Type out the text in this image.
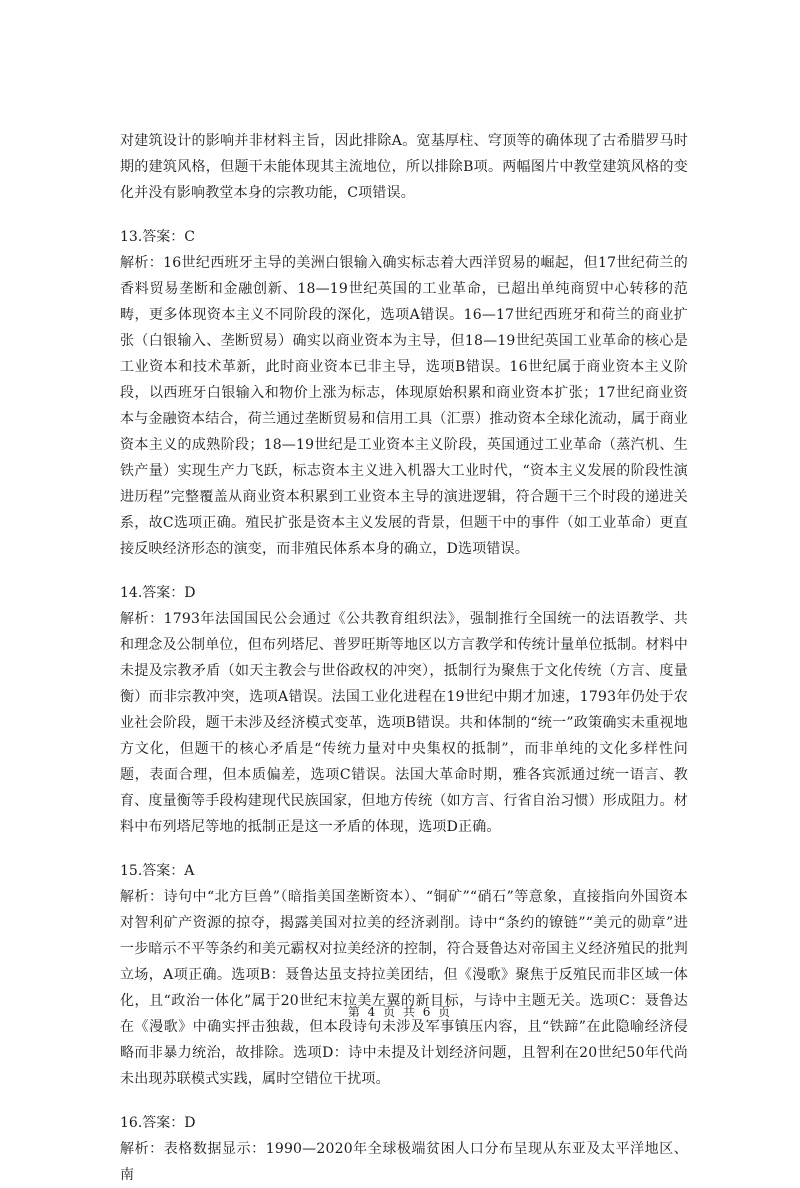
对建筑设计的影响并非材料主旨，因此排除A。宽基厚柱、穹顶等的确体现了古希腊罗马时期的建筑风格，但题干未能体现其主流地位，所以排除B项。两幅图片中教堂建筑风格的变化并没有影响教堂本身的宗教功能，C项错误。

13.答案：C

解析：16世纪西班牙主导的美洲白银输入确实标志着大西洋贸易的崛起，但17世纪荷兰的香料贸易垄断和金融创新、18—19世纪英国的工业革命，已超出单纯商贸中心转移的范畴，更多体现资本主义不同阶段的深化，选项A错误。16—17世纪西班牙和荷兰的商业扩张（白银输入、垄断贸易）确实以商业资本为主导，但18—19世纪英国工业革命的核心是工业资本和技术革新，此时商业资本已非主导，选项B错误。16世纪属于商业资本主义阶段，以西班牙白银输入和物价上涨为标志，体现原始积累和商业资本扩张；17世纪商业资本与金融资本结合，荷兰通过垄断贸易和信用工具（汇票）推动资本全球化流动，属于商业资本主义的成熟阶段；18—19世纪是工业资本主义阶段，英国通过工业革命（蒸汽机、生铁产量）实现生产力飞跃，标志资本主义进入机器大工业时代，“资本主义发展的阶段性演进历程”完整覆盖从商业资本积累到工业资本主导的演进逻辑，符合题干三个时段的递进关系，故C选项正确。殖民扩张是资本主义发展的背景，但题干中的事件（如工业革命）更直接反映经济形态的演变，而非殖民体系本身的确立，D选项错误。

14.答案：D

解析：1793年法国国民公会通过《公共教育组织法》，强制推行全国统一的法语教学、共和理念及公制单位，但布列塔尼、普罗旺斯等地区以方言教学和传统计量单位抵制。材料中未提及宗教矛盾（如天主教会与世俗政权的冲突），抵制行为聚焦于文化传统（方言、度量衡）而非宗教冲突，选项A错误。法国工业化进程在19世纪中期才加速，1793年仍处于农业社会阶段，题干未涉及经济模式变革，选项B错误。共和体制的“统一”政策确实未重视地方文化，但题干的核心矛盾是“传统力量对中央集权的抵制”，而非单纯的文化多样性问题，表面合理，但本质偏差，选项C错误。法国大革命时期，雅各宾派通过统一语言、教育、度量衡等手段构建现代民族国家，但地方传统（如方言、行省自治习惯）形成阻力。材料中布列塔尼等地的抵制正是这一矛盾的体现，选项D正确。

15.答案：A

解析：诗句中“北方巨兽”（暗指美国垄断资本）、“铜矿”“硝石”等意象，直接指向外国资本对智利矿产资源的掠夺，揭露美国对拉美的经济剥削。诗中“条约的镣链”“美元的勋章”进一步暗示不平等条约和美元霸权对拉美经济的控制，符合聂鲁达对帝国主义经济殖民的批判立场，A项正确。选项B：聂鲁达虽支持拉美团结，但《漫歌》聚焦于反殖民而非区域一体化，且“政治一体化”属于20世纪末拉美左翼的新目标，与诗中主题无关。选项C：聂鲁达在《漫歌》中确实抨击独裁，但本段诗句未涉及军事镇压内容，且“铁蹄”在此隐喻经济侵略而非暴力统治，故排除。选项D：诗中未提及计划经济问题，且智利在20世纪50年代尚未出现苏联模式实践，属时空错位干扰项。

16.答案：D

解析：表格数据显示：1990—2020年全球极端贫困人口分布呈现从东亚及太平洋地区、南

第 4 页 共 6 页
